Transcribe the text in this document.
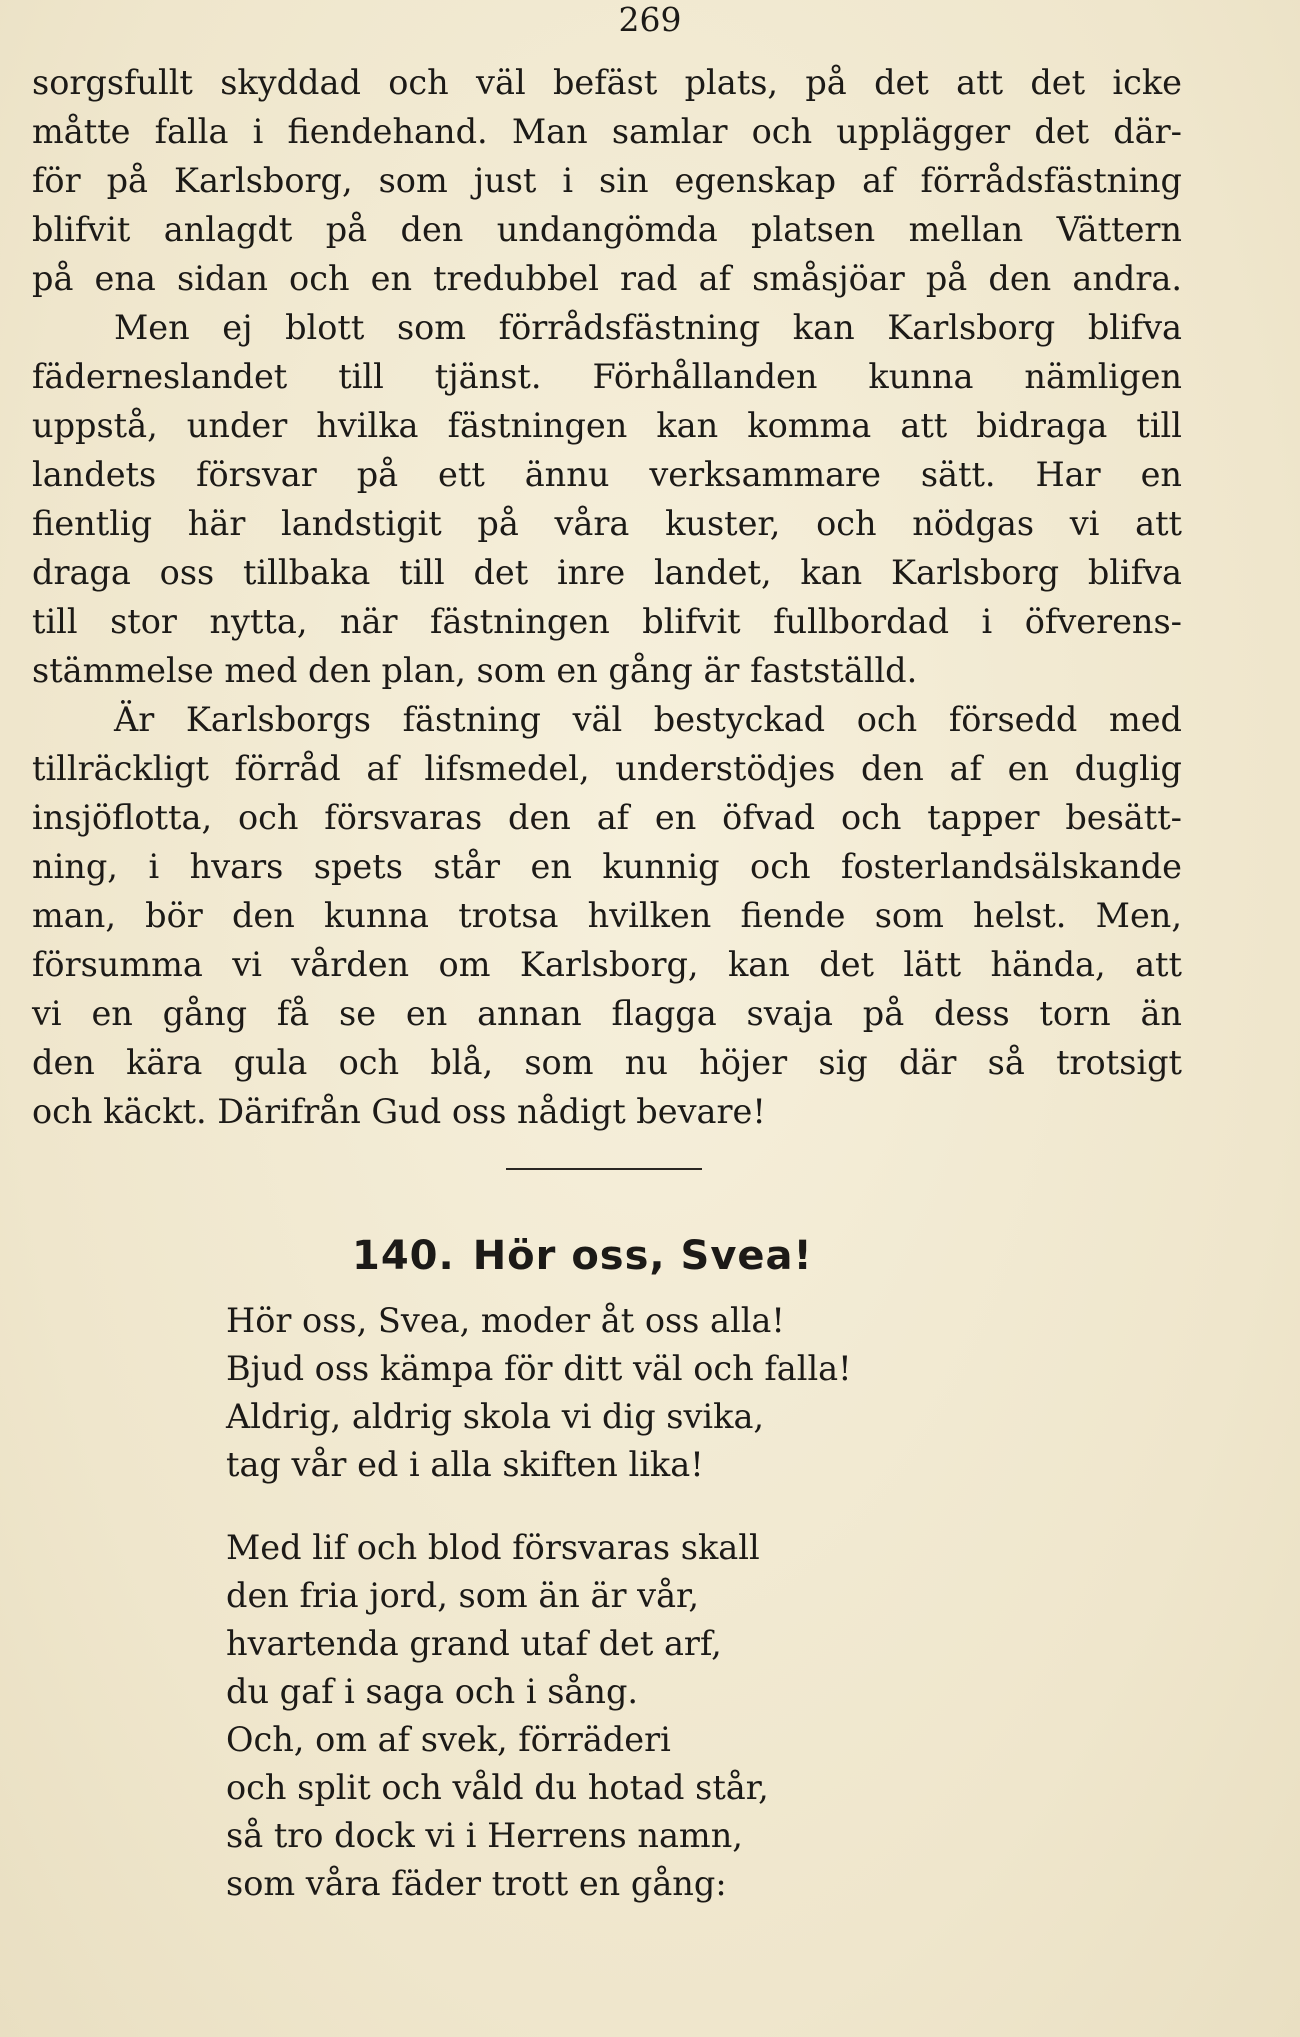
269
sorgsfullt skyddad och väl befäst plats, på det att det icke
måtte falla i fiendehand. Man samlar och upplägger det där-
för på Karlsborg, som just i sin egenskap af förrådsfästning
blifvit anlagdt på den undangömda platsen mellan Vättern
på ena sidan och en tredubbel rad af småsjöar på den andra.
Men ej blott som förrådsfästning kan Karlsborg blifva
fäderneslandet till tjänst. Förhållanden kunna nämligen
uppstå, under hvilka fästningen kan komma att bidraga till
landets försvar på ett ännu verksammare sätt. Har en
fientlig här landstigit på våra kuster, och nödgas vi att
draga oss tillbaka till det inre landet, kan Karlsborg blifva
till stor nytta, när fästningen blifvit fullbordad i öfverens-
stämmelse med den plan, som en gång är fastställd.
Är Karlsborgs fästning väl bestyckad och försedd med
tillräckligt förråd af lifsmedel, understödjes den af en duglig
insjöflotta, och försvaras den af en öfvad och tapper besätt-
ning, i hvars spets står en kunnig och fosterlandsälskande
man, bör den kunna trotsa hvilken fiende som helst. Men,
försumma vi vården om Karlsborg, kan det lätt hända, att
vi en gång få se en annan flagga svaja på dess torn än
den kära gula och blå, som nu höjer sig där så trotsigt
och käckt. Därifrån Gud oss nådigt bevare!
140. Hör oss, Svea!
Hör oss, Svea, moder åt oss alla!
Bjud oss kämpa för ditt väl och falla!
Aldrig, aldrig skola vi dig svika,
tag vår ed i alla skiften lika!
Med lif och blod försvaras skall
den fria jord, som än är vår,
hvartenda grand utaf det arf,
du gaf i saga och i sång.
Och, om af svek, förräderi
och split och våld du hotad står,
så tro dock vi i Herrens namn,
som våra fäder trott en gång:
